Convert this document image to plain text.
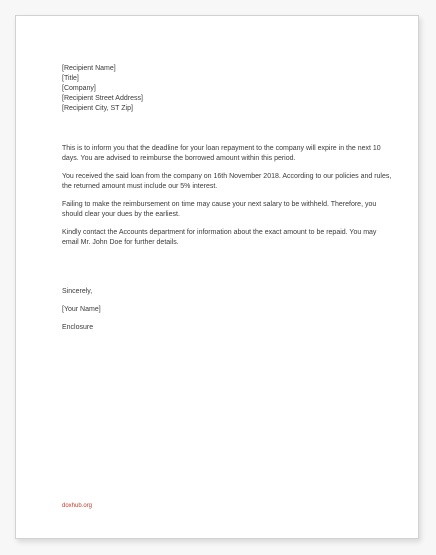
[Recipient Name]
[Title]
[Company]
[Recipient Street Address]
[Recipient City, ST Zip]

This is to inform you that the deadline for your loan repayment to the company will expire in the next 10 days. You are advised to reimburse the borrowed amount within this period.

You received the said loan from the company on 16th November 2018. According to our policies and rules, the returned amount must include our 5% interest.

Failing to make the reimbursement on time may cause your next salary to be withheld. Therefore, you should clear your dues by the earliest.

Kindly contact the Accounts department for information about the exact amount to be repaid. You may email Mr. John Doe for further details.

Sincerely,

[Your Name]

Enclosure

doxhub.org
